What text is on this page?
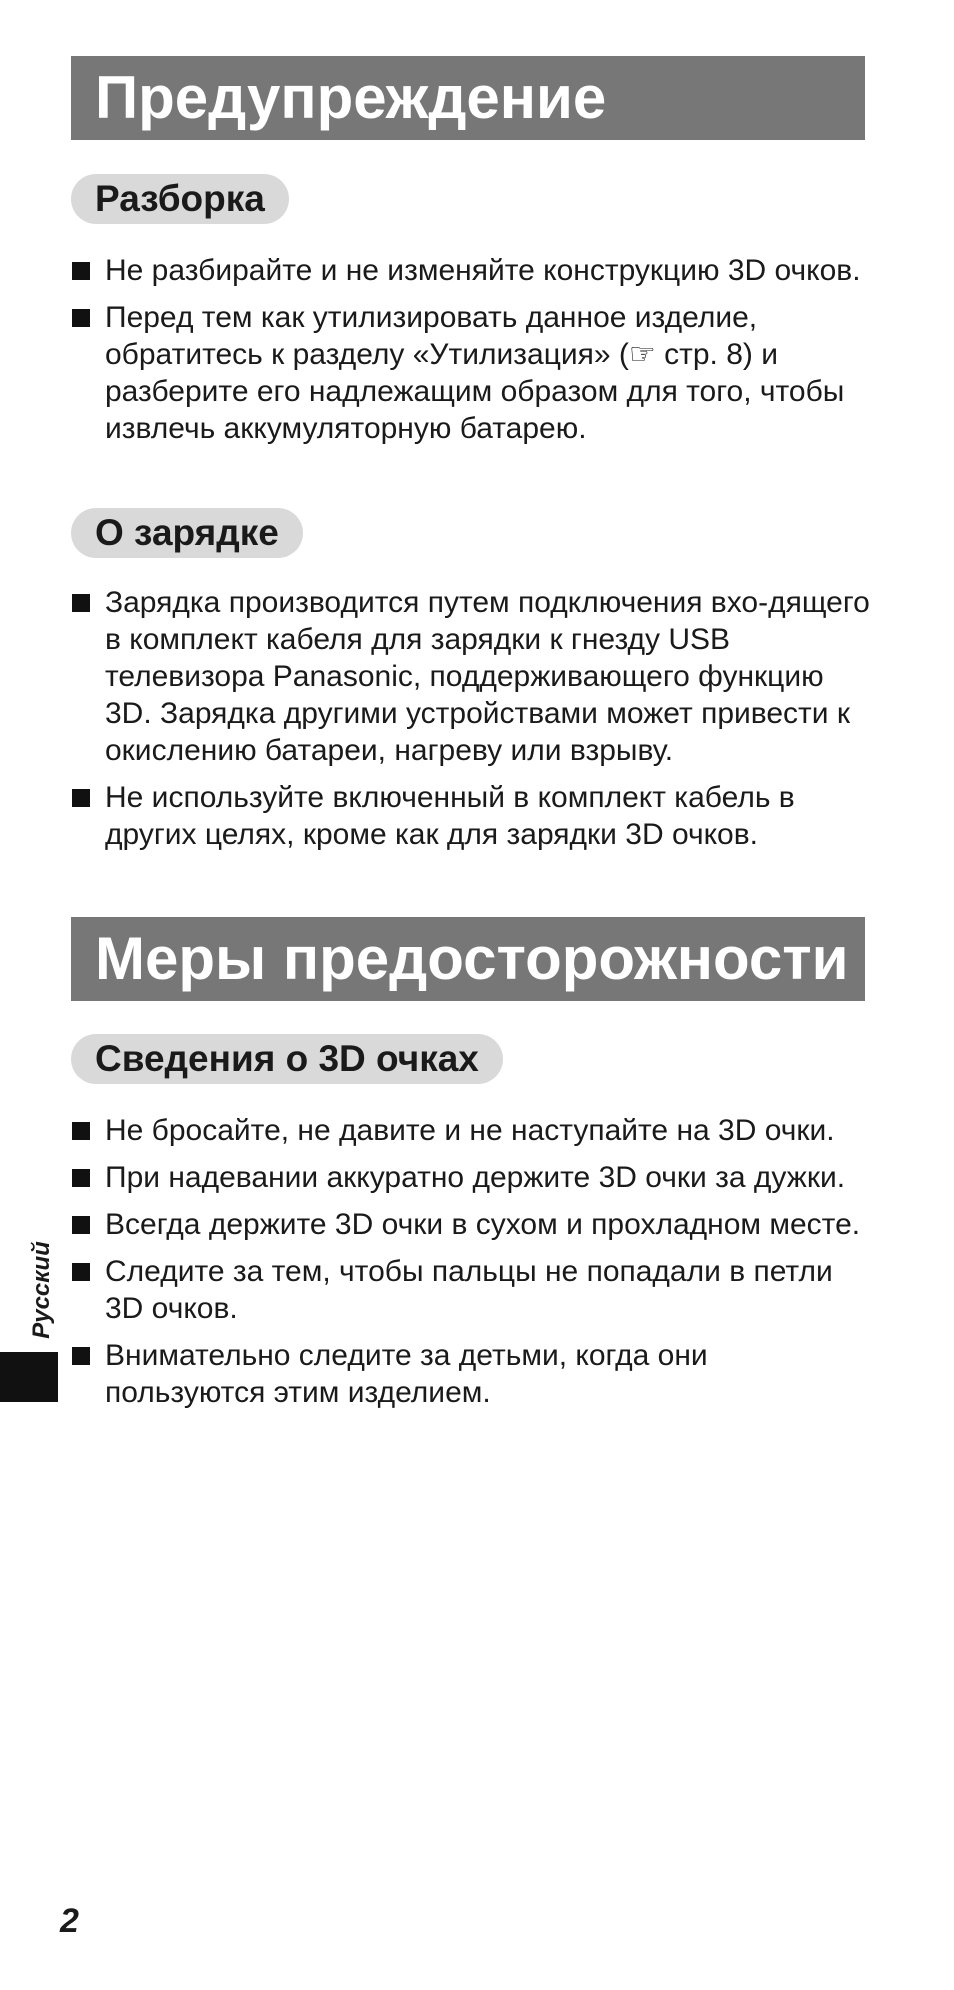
Предупреждение
Разборка
Не разбирайте и не изменяйте конструкцию 3D очков.
Перед тем как утилизировать данное изделие, обратитесь к разделу «Утилизация» (☞ стр. 8) и разберите его надлежащим образом для того, чтобы извлечь аккумуляторную батарею.
О зарядке
Зарядка производится путем подключения вхо-дящего в комплект кабеля для зарядки к гнезду USB телевизора Panasonic, поддерживающего функцию 3D. Зарядка другими устройствами может привести к окислению батареи, нагреву или взрыву.
Не используйте включенный в комплект кабель в других целях, кроме как для зарядки 3D очков.
Меры предосторожности
Сведения о 3D очках
Не бросайте, не давите и не наступайте на 3D очки.
При надевании аккуратно держите 3D очки за дужки.
Всегда держите 3D очки в сухом и прохладном месте.
Следите за тем, чтобы пальцы не попадали в петли 3D очков.
Внимательно следите за детьми, когда они пользуются этим изделием.
Русский
2
